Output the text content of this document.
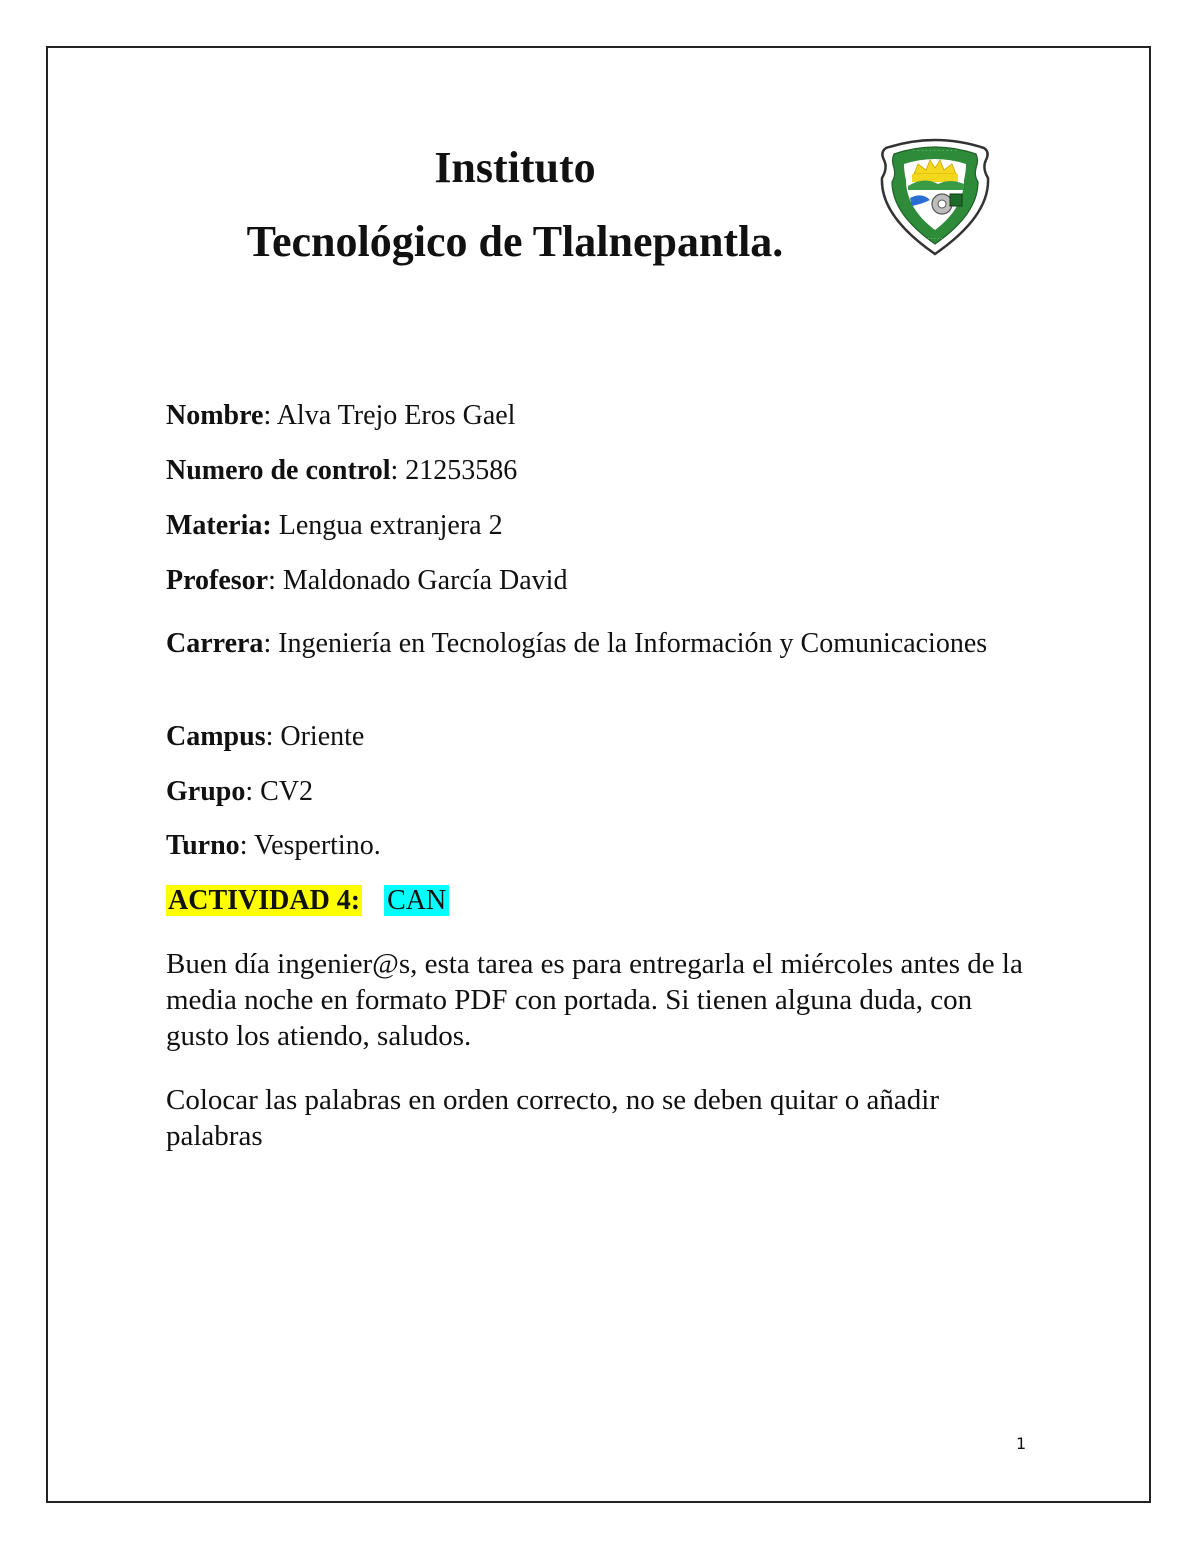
Instituto
Tecnológico de Tlalnepantla.
· · · · · · · · · · ·
· · · · ·
Nombre: Alva Trejo Eros Gael
Numero de control: 21253586
Materia: Lengua extranjera 2
Profesor: Maldonado García David
Carrera: Ingeniería en Tecnologías de la Información y Comunicaciones
Campus: Oriente
Grupo: CV2
Turno: Vespertino.
ACTIVIDAD 4: CAN
Buen día ingenier@s, esta tarea es para entregarla el miércoles antes de la media noche en formato PDF con portada. Si tienen alguna duda, con gusto los atiendo, saludos.
Colocar las palabras en orden correcto, no se deben quitar o añadir palabras
1
